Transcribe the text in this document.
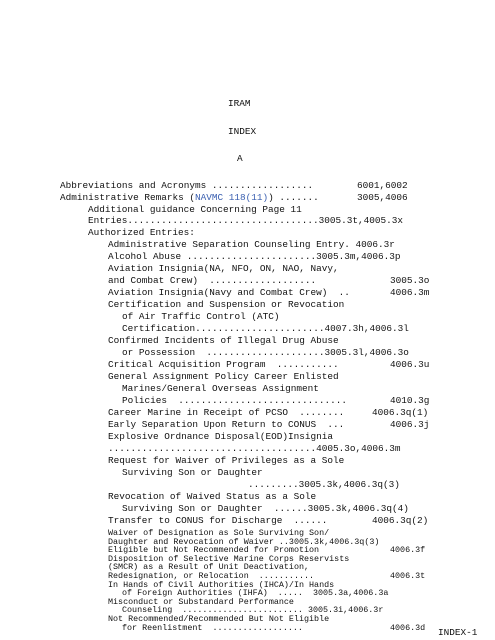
IRAM
INDEX
A
Abbreviations and Acronyms ..................	6001,6002
Administrative Remarks (NAVMC 118(11)) .......	3005,4006
Additional guidance Concerning Page 11
Entries..................................3005.3t,4005.3x
Authorized Entries:
Administrative Separation Counseling Entry. 4006.3r
Alcohol Abuse .......................3005.3m,4006.3p
Aviation Insignia(NA, NFO, ON, NAO, Navy,
and Combat Crew)  ...................	3005.3o
Aviation Insignia(Navy and Combat Crew)  ..	4006.3m
Certification and Suspension or Revocation
of Air Traffic Control (ATC)
Certification.......................4007.3h,4006.3l
Confirmed Incidents of Illegal Drug Abuse
or Possession  .....................3005.3l,4006.3o
Critical Acquisition Program  ...........	4006.3u
General Assignment Policy Career Enlisted
Marines/General Overseas Assignment
Policies  ..............................	4010.3g
Career Marine in Receipt of PCSO  ........	4006.3q(1)
Early Separation Upon Return to CONUS  ...	4006.3j
Explosive Ordnance Disposal(EOD)Insignia
.....................................4005.3o,4006.3m
Request for Waiver of Privileges as a Sole
Surviving Son or Daughter
.........3005.3k,4006.3q(3)
Revocation of Waived Status as a Sole
Surviving Son or Daughter  ......3005.3k,4006.3q(4)
Transfer to CONUS for Discharge  ......	4006.3q(2)
Waiver of Designation as Sole Surviving Son/
Daughter and Revocation of Waiver ..3005.3k,4006.3q(3)
Eligible but Not Recommended for Promotion	4006.3f
Disposition of Selective Marine Corps Reservists
(SMCR) as a Result of Unit Deactivation,
Redesignation, or Relocation  ...........	4006.3t
In Hands of Civil Authorities (IHCA)/In Hands
of Foreign Authorities (IHFA)  .....  3005.3a,4006.3a
Misconduct or Substandard Performance
Counseling  ........................ 3005.3i,4006.3r
Not Recommended/Recommended But Not Eligible
for Reenlistment  ..................	4006.3d INDEX-1
